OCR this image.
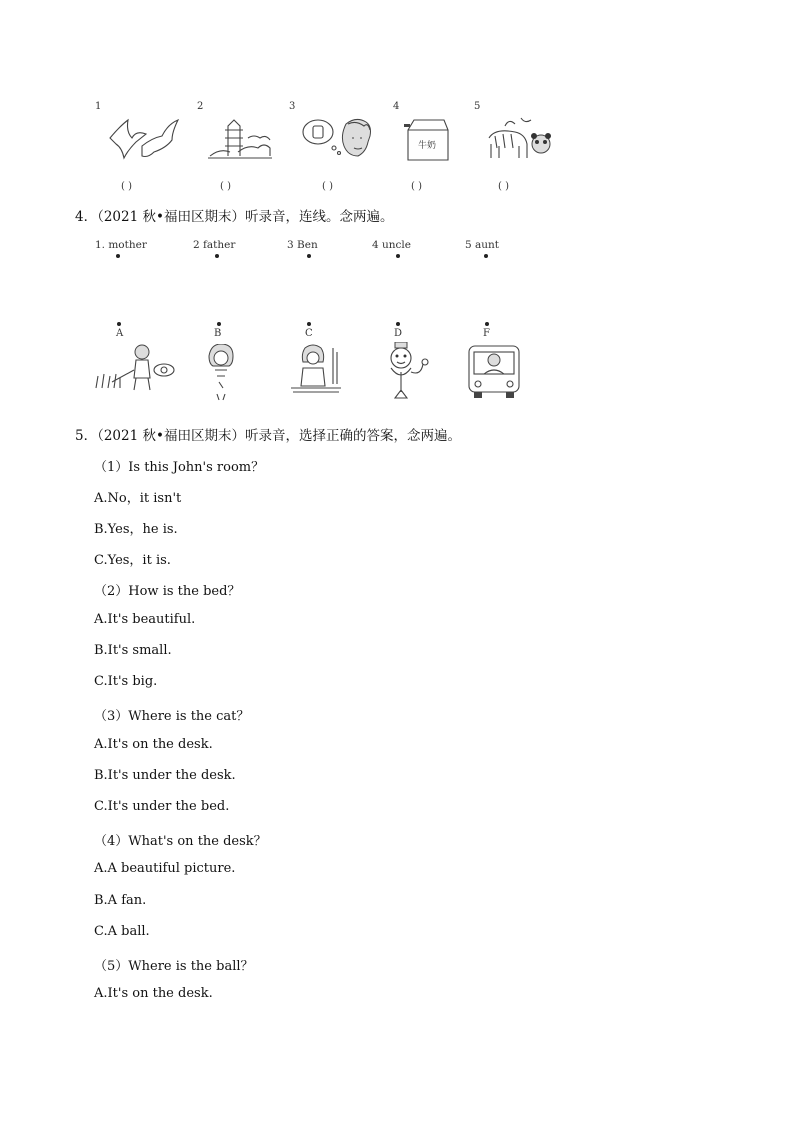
1	2	3	4	5
牛奶
( )	( )	( )	( )	( )
4．（2021 秋•福田区期末）听录音，连线。念两遍。
1. mother	2 father	3 Ben	4 uncle	5 aunt
A	B	C	D	F
5．（2021 秋•福田区期末）听录音，选择正确的答案，念两遍。
（1）Is this John's room？
A.No，it isn't
B.Yes，he is.
C.Yes，it is.
（2）How is the bed？
A.It's beautiful.
B.It's small.
C.It's big.
（3）Where is the cat？
A.It's on the desk.
B.It's under the desk.
C.It's under the bed.
（4）What's on the desk？
A.A beautiful picture.
B.A fan.
C.A ball.
（5）Where is the ball？
A.It's on the desk.
